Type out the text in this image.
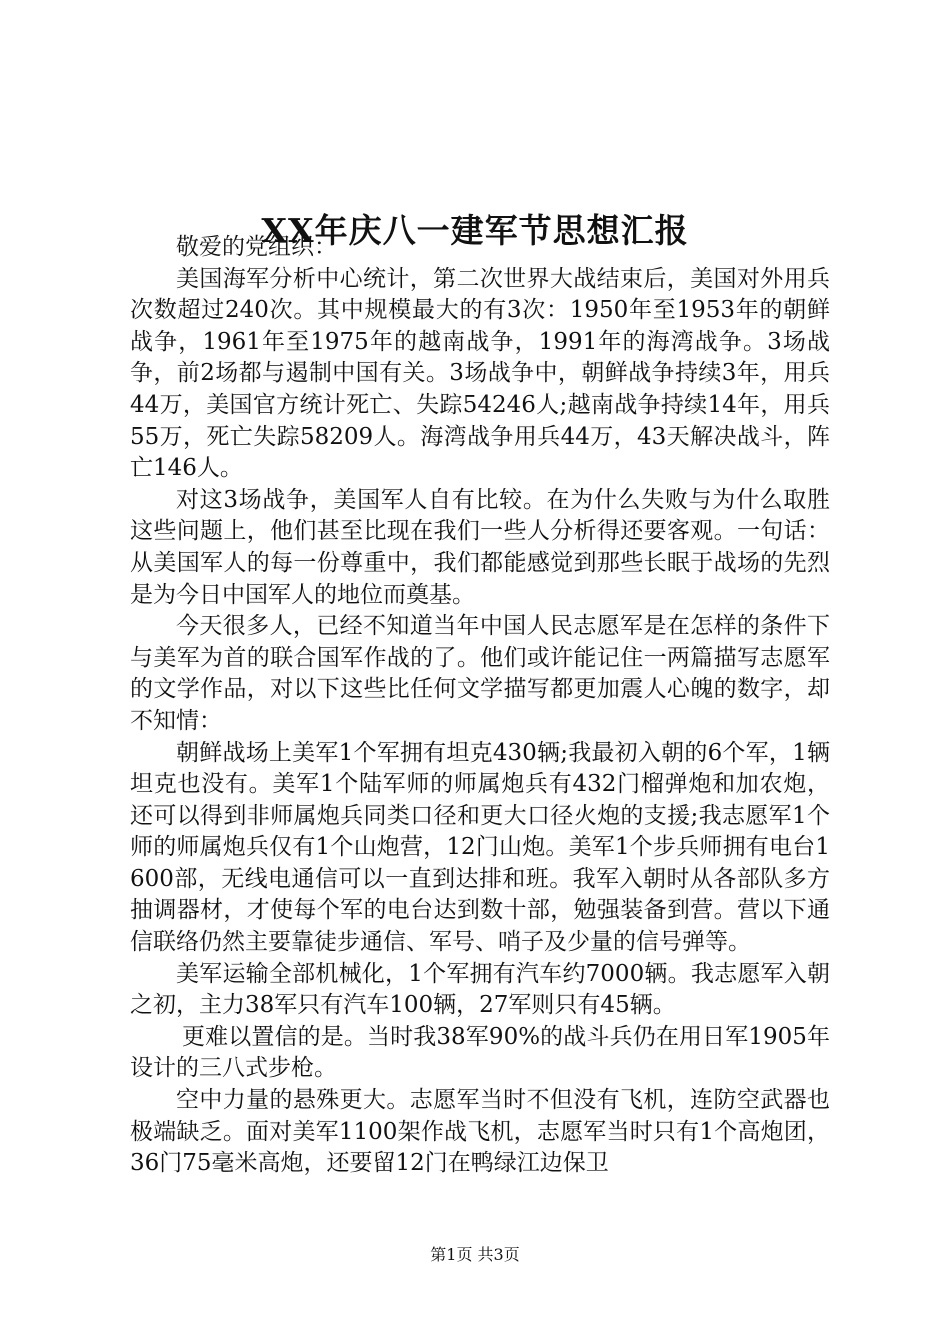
XX年庆八一建军节思想汇报

敬爱的党组织：

美国海军分析中心统计，第二次世界大战结束后，美国对外用兵次数超过240次。其中规模最大的有3次：1950年至1953年的朝鲜战争，1961年至1975年的越南战争，1991年的海湾战争。3场战争，前2场都与遏制中国有关。3场战争中，朝鲜战争持续3年，用兵44万，美国官方统计死亡、失踪54246人;越南战争持续14年，用兵55万，死亡失踪58209人。海湾战争用兵44万，43天解决战斗，阵亡146人。

对这3场战争，美国军人自有比较。在为什么失败与为什么取胜这些问题上，他们甚至比现在我们一些人分析得还要客观。一句话：从美国军人的每一份尊重中，我们都能感觉到那些长眠于战场的先烈是为今日中国军人的地位而奠基。

今天很多人，已经不知道当年中国人民志愿军是在怎样的条件下与美军为首的联合国军作战的了。他们或许能记住一两篇描写志愿军的文学作品，对以下这些比任何文学描写都更加震人心魄的数字，却不知情：

朝鲜战场上美军1个军拥有坦克430辆;我最初入朝的6个军，1辆坦克也没有。美军1个陆军师的师属炮兵有432门榴弹炮和加农炮，还可以得到非师属炮兵同类口径和更大口径火炮的支援;我志愿军1个师的师属炮兵仅有1个山炮营，12门山炮。美军1个步兵师拥有电台1600部，无线电通信可以一直到达排和班。我军入朝时从各部队多方抽调器材，才使每个军的电台达到数十部，勉强装备到营。营以下通信联络仍然主要靠徒步通信、军号、哨子及少量的信号弹等。

美军运输全部机械化，1个军拥有汽车约7000辆。我志愿军入朝之初，主力38军只有汽车100辆，27军则只有45辆。

更难以置信的是。当时我38军90%的战斗兵仍在用日军1905年设计的三八式步枪。

空中力量的悬殊更大。志愿军当时不但没有飞机，连防空武器也极端缺乏。面对美军1100架作战飞机，志愿军当时只有1个高炮团，36门75毫米高炮，还要留12门在鸭绿江边保卫

第1页 共3页
